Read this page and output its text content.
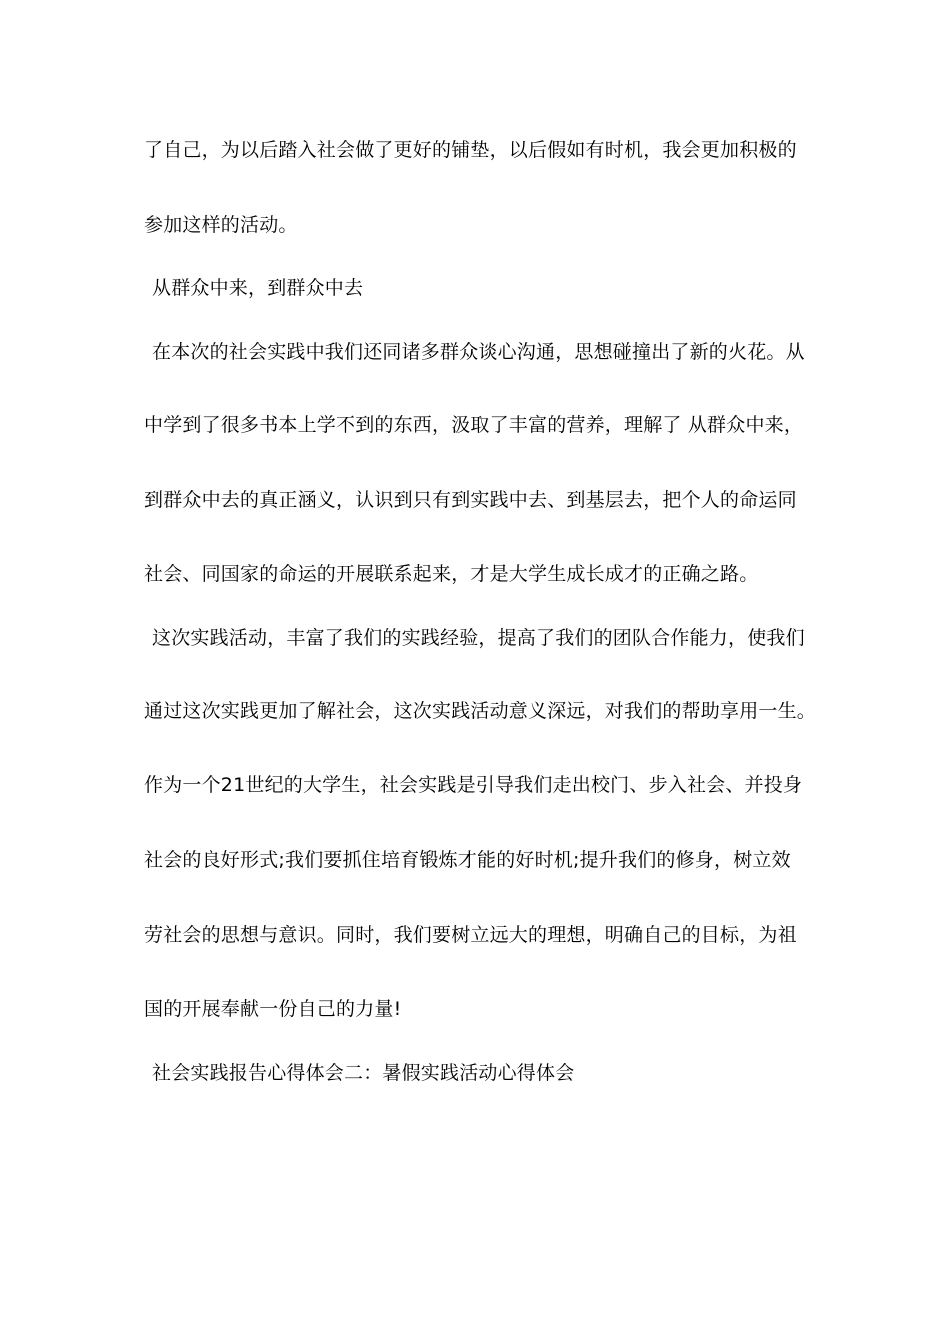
了自己，为以后踏入社会做了更好的铺垫，以后假如有时机，我会更加积极的
参加这样的活动。
从群众中来，到群众中去
在本次的社会实践中我们还同诸多群众谈心沟通，思想碰撞出了新的火花。从
中学到了很多书本上学不到的东西，汲取了丰富的营养，理解了 从群众中来，
到群众中去的真正涵义，认识到只有到实践中去、到基层去，把个人的命运同
社会、同国家的命运的开展联系起来，才是大学生成长成才的正确之路。
这次实践活动，丰富了我们的实践经验，提高了我们的团队合作能力，使我们
通过这次实践更加了解社会，这次实践活动意义深远，对我们的帮助享用一生。
作为一个21世纪的大学生，社会实践是引导我们走出校门、步入社会、并投身
社会的良好形式;我们要抓住培育锻炼才能的好时机;提升我们的修身，树立效
劳社会的思想与意识。同时，我们要树立远大的理想，明确自己的目标，为祖
国的开展奉献一份自己的力量!
社会实践报告心得体会二：暑假实践活动心得体会
